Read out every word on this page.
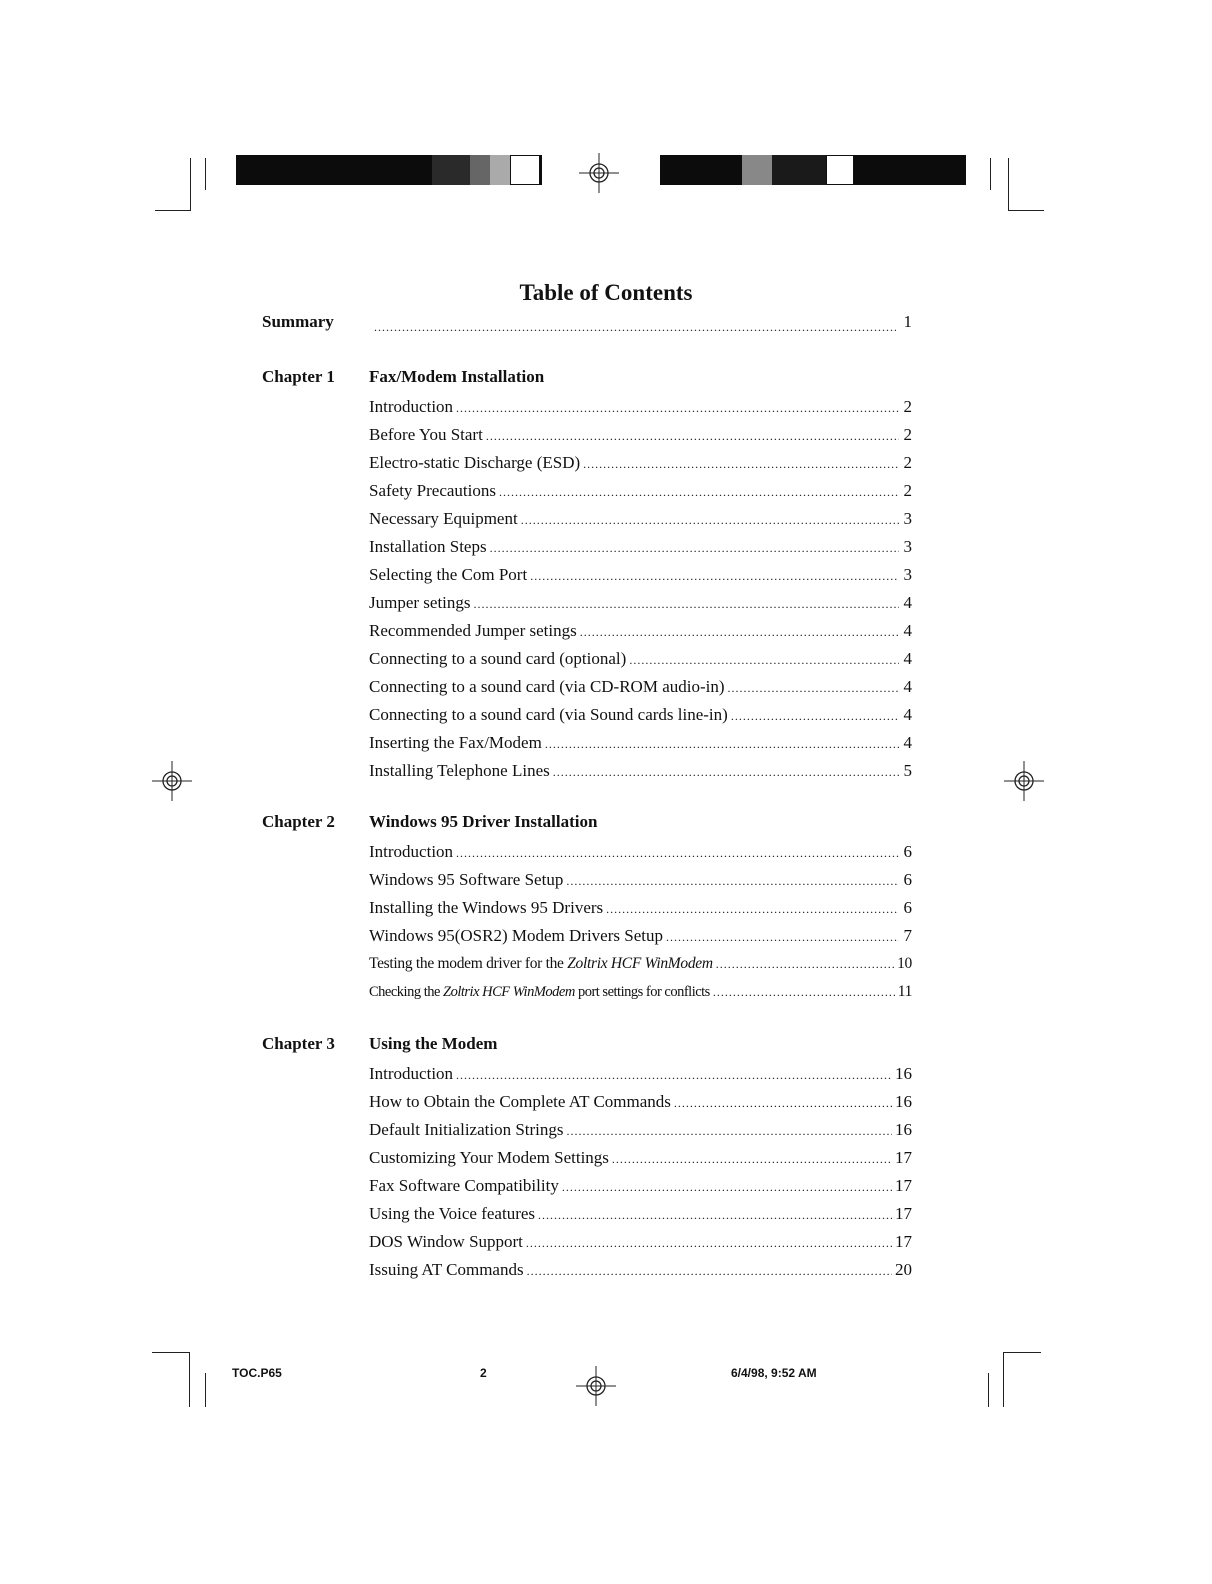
Table of Contents
Summary .....	1
Chapter 1 Fax/Modem Installation
Introduction .....	2
Before You Start .....	2
Electro-static Discharge (ESD) .....	2
Safety Precautions .....	2
Necessary Equipment .....	3
Installation Steps .....	3
Selecting the Com Port .....	3
Jumper setings .....	4
Recommended Jumper setings .....	4
Connecting to a sound card (optional) .....	4
Connecting to a sound card (via CD-ROM audio-in) .....	4
Connecting to a sound card (via Sound cards line-in) .....	4
Inserting the Fax/Modem .....	4
Installing Telephone Lines .....	5
Chapter 2 Windows 95 Driver Installation
Introduction .....	6
Windows 95 Software Setup .....	6
Installing the Windows 95 Drivers .....	6
Windows 95(OSR2) Modem Drivers Setup .....	7
Testing the modem driver for the Zoltrix HCF WinModem .....	10
Checking the Zoltrix HCF WinModem port settings for conflicts .....	11
Chapter 3 Using the Modem
Introduction .....	16
How to Obtain the Complete AT Commands .....	16
Default Initialization Strings .....	16
Customizing Your Modem Settings .....	17
Fax Software Compatibility .....	17
Using the Voice features .....	17
DOS Window Support .....	17
Issuing AT Commands .....	20
TOC.P65	2	6/4/98, 9:52 AM
